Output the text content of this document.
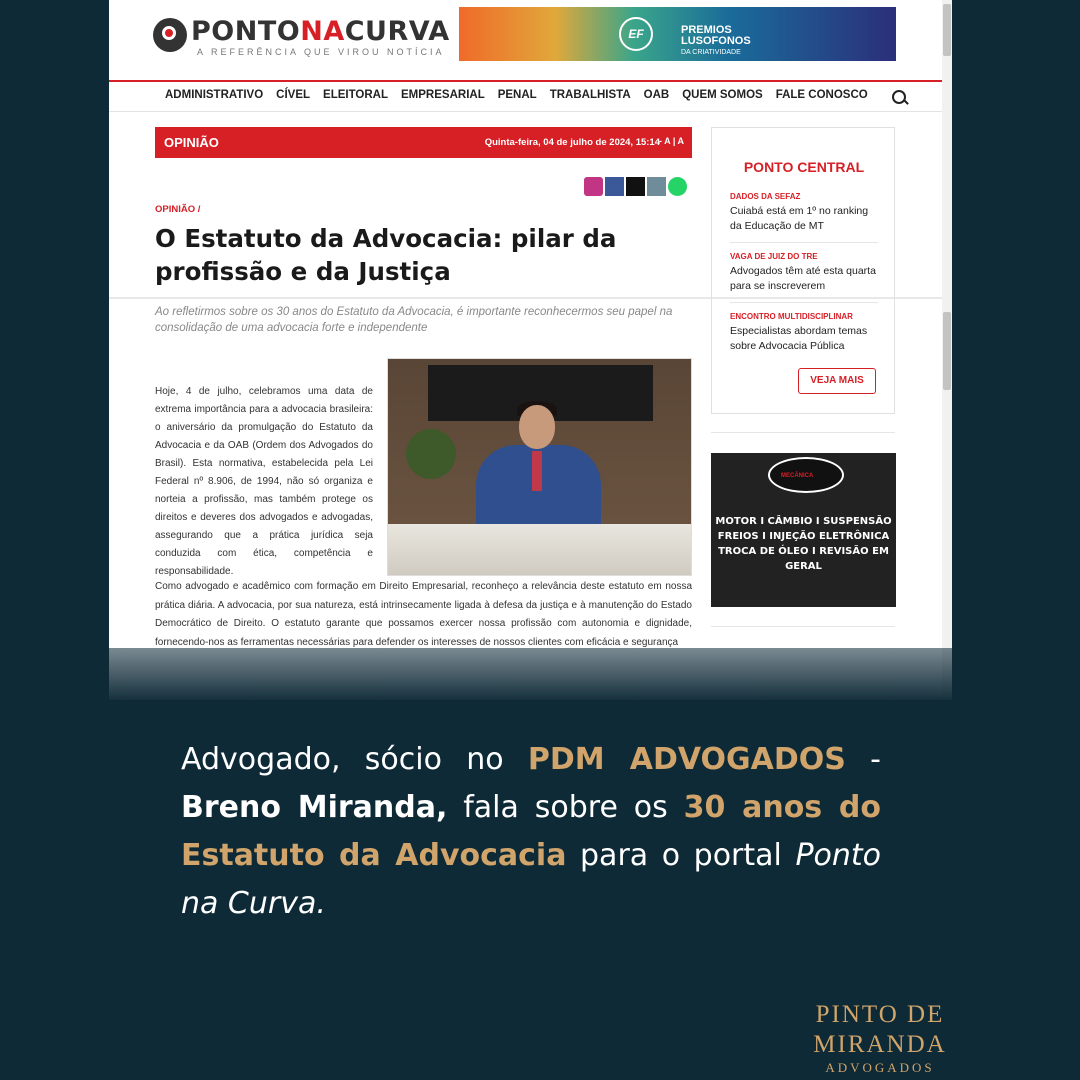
PONTONACURVA
A REFERÊNCIA QUE VIROU NOTÍCIA
EF	PREMIOS
LUSOFONOS
DA CRIATIVIDADE
ADMINISTRATIVO CÍVEL ELEITORAL EMPRESARIAL PENAL TRABALHISTA OAB QUEM SOMOS FALE CONOSCO
OPINIÃO	Quinta-feira, 04 de julho de 2024, 15:14
- A | A
OPINIÃO /
O Estatuto da Advocacia: pilar da profissão e da Justiça
Ao refletirmos sobre os 30 anos do Estatuto da Advocacia, é importante reconhecermos seu papel na consolidação de uma advocacia forte e independente
Hoje, 4 de julho, celebramos uma data de extrema importância para a advocacia brasileira: o aniversário da promulgação do Estatuto da Advocacia e da OAB (Ordem dos Advogados do Brasil). Esta normativa, estabelecida pela Lei Federal nº 8.906, de 1994, não só organiza e norteia a profissão, mas também protege os direitos e deveres dos advogados e advogadas, assegurando que a prática jurídica seja conduzida com ética, competência e responsabilidade.
Como advogado e acadêmico com formação em Direito Empresarial, reconheço a relevância deste estatuto em nossa prática diária. A advocacia, por sua natureza, está intrinsecamente ligada à defesa da justiça e à manutenção do Estado Democrático de Direito. O estatuto garante que possamos exercer nossa profissão com autonomia e dignidade, fornecendo-nos as ferramentas necessárias para defender os interesses de nossos clientes com eficácia e segurança
PONTO CENTRAL
DADOS DA SEFAZ
Cuiabá está em 1º no ranking da Educação de MT
VAGA DE JUIZ DO TRE
Advogados têm até esta quarta para se inscreverem
ENCONTRO MULTIDISCIPLINAR
Especialistas abordam temas sobre Advocacia Pública
VEJA MAIS
MECÂNICA
MOTOR I CÂMBIO I SUSPENSÃO
FREIOS I INJEÇÃO ELETRÔNICA
TROCA DE ÓLEO I REVISÃO EM GERAL
Advogado, sócio no PDM ADVOGADOS - Breno Miranda, fala sobre os 30 anos do Estatuto da Advocacia para o portal Ponto na Curva.
PINTO DE
MIRANDA
ADVOGADOS
